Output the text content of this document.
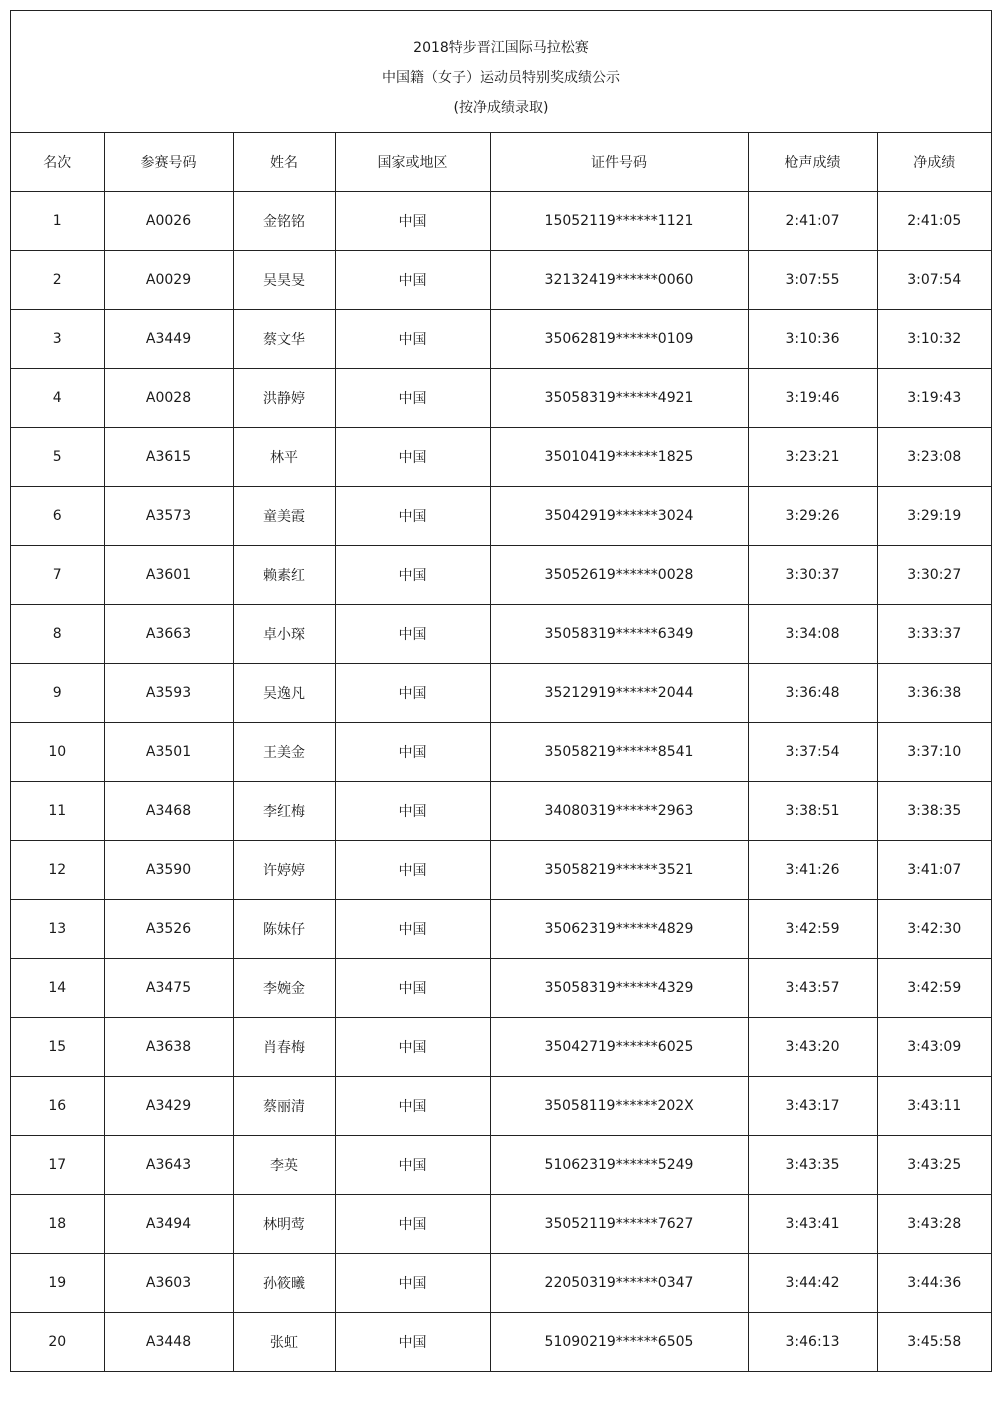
2018特步晋江国际马拉松赛
中国籍（女子）运动员特别奖成绩公示
(按净成绩录取)
名次	参赛号码	姓名	国家或地区	证件号码	枪声成绩	净成绩
1	A0026	金铭铭	中国	15052119******1121	2:41:07	2:41:05
2	A0029	吴昊旻	中国	32132419******0060	3:07:55	3:07:54
3	A3449	蔡文华	中国	35062819******0109	3:10:36	3:10:32
4	A0028	洪静婷	中国	35058319******4921	3:19:46	3:19:43
5	A3615	林平	中国	35010419******1825	3:23:21	3:23:08
6	A3573	童美霞	中国	35042919******3024	3:29:26	3:29:19
7	A3601	赖素红	中国	35052619******0028	3:30:37	3:30:27
8	A3663	卓小琛	中国	35058319******6349	3:34:08	3:33:37
9	A3593	吴逸凡	中国	35212919******2044	3:36:48	3:36:38
10	A3501	王美金	中国	35058219******8541	3:37:54	3:37:10
11	A3468	李红梅	中国	34080319******2963	3:38:51	3:38:35
12	A3590	许婷婷	中国	35058219******3521	3:41:26	3:41:07
13	A3526	陈妹仔	中国	35062319******4829	3:42:59	3:42:30
14	A3475	李婉金	中国	35058319******4329	3:43:57	3:42:59
15	A3638	肖春梅	中国	35042719******6025	3:43:20	3:43:09
16	A3429	蔡丽清	中国	35058119******202X	3:43:17	3:43:11
17	A3643	李英	中国	51062319******5249	3:43:35	3:43:25
18	A3494	林明莺	中国	35052119******7627	3:43:41	3:43:28
19	A3603	孙筱曦	中国	22050319******0347	3:44:42	3:44:36
20	A3448	张虹	中国	51090219******6505	3:46:13	3:45:58
